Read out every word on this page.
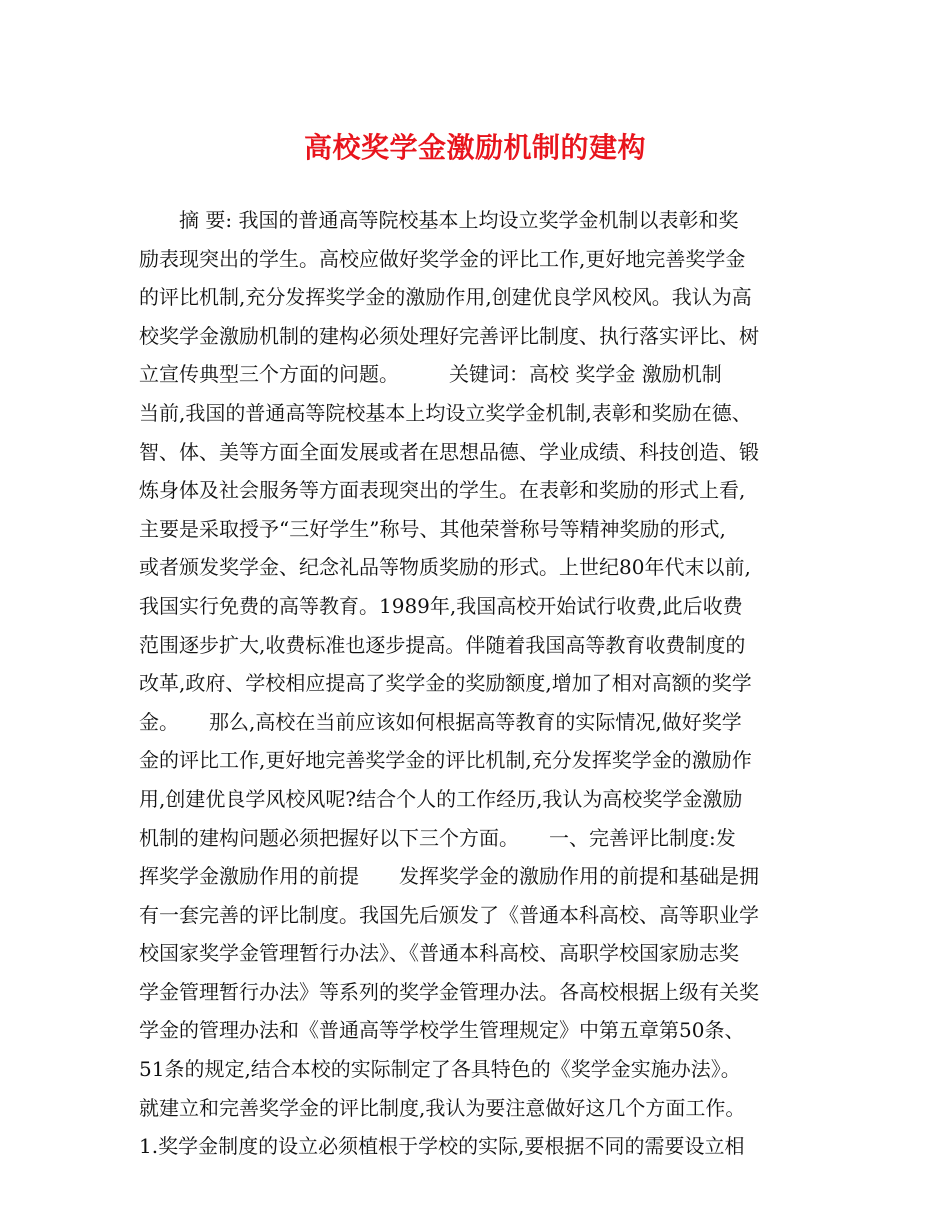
高校奖学金激励机制的建构
　　摘 要: 我国的普通高等院校基本上均设立奖学金机制以表彰和奖
励表现突出的学生。高校应做好奖学金的评比工作,更好地完善奖学金
的评比机制,充分发挥奖学金的激励作用,创建优良学风校风。我认为高
校奖学金激励机制的建构必须处理好完善评比制度、执行落实评比、树
立宣传典型三个方面的问题。　　　关键词：高校 奖学金 激励机制
当前,我国的普通高等院校基本上均设立奖学金机制,表彰和奖励在德、
智、体、美等方面全面发展或者在思想品德、学业成绩、科技创造、锻
炼身体及社会服务等方面表现突出的学生。在表彰和奖励的形式上看,
主要是采取授予“三好学生”称号、其他荣誉称号等精神奖励的形式,
或者颁发奖学金、纪念礼品等物质奖励的形式。上世纪80年代末以前,
我国实行免费的高等教育。1989年,我国高校开始试行收费,此后收费
范围逐步扩大,收费标准也逐步提高。伴随着我国高等教育收费制度的
改革,政府、学校相应提高了奖学金的奖励额度,增加了相对高额的奖学
金。　　那么,高校在当前应该如何根据高等教育的实际情况,做好奖学
金的评比工作,更好地完善奖学金的评比机制,充分发挥奖学金的激励作
用,创建优良学风校风呢?结合个人的工作经历,我认为高校奖学金激励
机制的建构问题必须把握好以下三个方面。　　一、完善评比制度:发
挥奖学金激励作用的前提　　发挥奖学金的激励作用的前提和基础是拥
有一套完善的评比制度。我国先后颁发了《普通本科高校、高等职业学
校国家奖学金管理暂行办法》、《普通本科高校、高职学校国家励志奖
学金管理暂行办法》等系列的奖学金管理办法。各高校根据上级有关奖
学金的管理办法和《普通高等学校学生管理规定》中第五章第50条、
51条的规定,结合本校的实际制定了各具特色的《奖学金实施办法》。
就建立和完善奖学金的评比制度,我认为要注意做好这几个方面工作。
1.奖学金制度的设立必须植根于学校的实际,要根据不同的需要设立相
